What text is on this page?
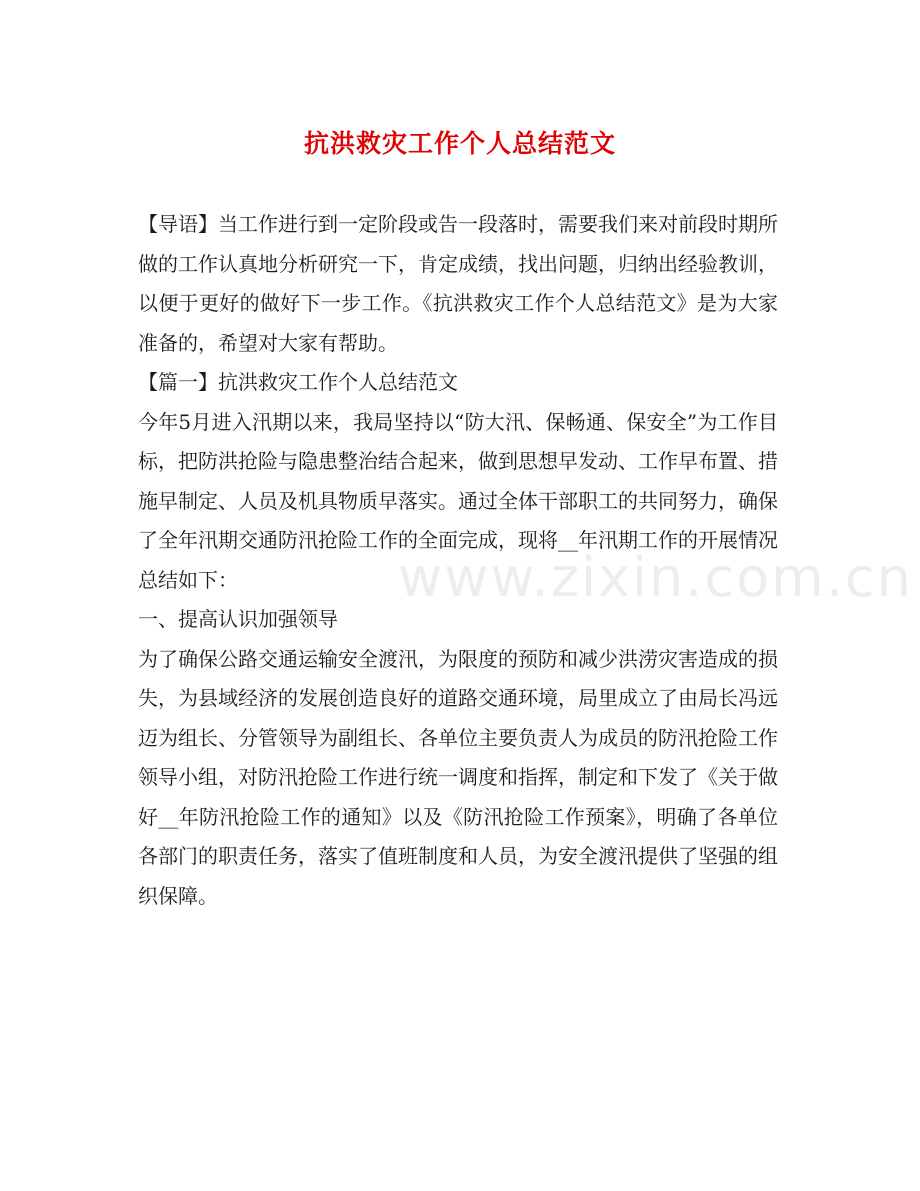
www.zixin.com.cn
抗洪救灾工作个人总结范文

【导语】当工作进行到一定阶段或告一段落时，需要我们来对前段时期所做的工作认真地分析研究一下，肯定成绩，找出问题，归纳出经验教训，以便于更好的做好下一步工作。《抗洪救灾工作个人总结范文》是为大家准备的，希望对大家有帮助。

【篇一】抗洪救灾工作个人总结范文

今年5月进入汛期以来，我局坚持以“防大汛、保畅通、保安全”为工作目标，把防洪抢险与隐患整治结合起来，做到思想早发动、工作早布置、措施早制定、人员及机具物质早落实。通过全体干部职工的共同努力，确保了全年汛期交通防汛抢险工作的全面完成，现将__年汛期工作的开展情况总结如下：

一、提高认识加强领导

为了确保公路交通运输安全渡汛，为限度的预防和减少洪涝灾害造成的损失，为县域经济的发展创造良好的道路交通环境，局里成立了由局长冯远迈为组长、分管领导为副组长、各单位主要负责人为成员的防汛抢险工作领导小组，对防汛抢险工作进行统一调度和指挥，制定和下发了《关于做好__年防汛抢险工作的通知》以及《防汛抢险工作预案》，明确了各单位各部门的职责任务，落实了值班制度和人员，为安全渡汛提供了坚强的组织保障。
